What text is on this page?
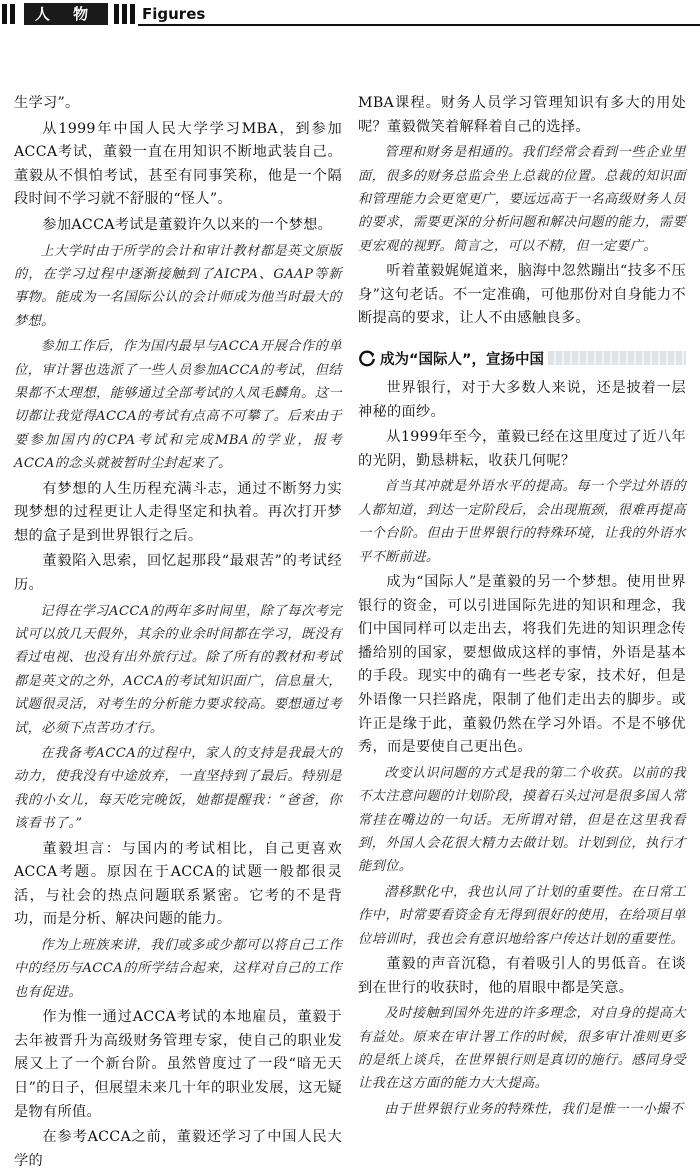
人 物	Figures

生学习”。

从1999年中国人民大学学习MBA，到参加ACCA考试，董毅一直在用知识不断地武装自己。董毅从不惧怕考试，甚至有同事笑称，他是一个隔段时间不学习就不舒服的“怪人”。

参加ACCA考试是董毅许久以来的一个梦想。

上大学时由于所学的会计和审计教材都是英文原版的，在学习过程中逐渐接触到了AICPA、GAAP等新事物。能成为一名国际公认的会计师成为他当时最大的梦想。

参加工作后，作为国内最早与ACCA开展合作的单位，审计署也选派了一些人员参加ACCA的考试，但结果都不太理想，能够通过全部考试的人凤毛麟角。这一切都让我觉得ACCA的考试有点高不可攀了。后来由于要参加国内的CPA考试和完成MBA的学业，报考ACCA的念头就被暂时尘封起来了。

有梦想的人生历程充满斗志，通过不断努力实现梦想的过程更让人走得坚定和执着。再次打开梦想的盒子是到世界银行之后。

董毅陷入思索，回忆起那段“最艰苦”的考试经历。

记得在学习ACCA的两年多时间里，除了每次考完试可以放几天假外，其余的业余时间都在学习，既没有看过电视、也没有出外旅行过。除了所有的教材和考试都是英文的之外，ACCA的考试知识面广，信息量大，试题很灵活，对考生的分析能力要求较高。要想通过考试，必须下点苦功才行。

在我备考ACCA的过程中，家人的支持是我最大的动力，使我没有中途放弃，一直坚持到了最后。特别是我的小女儿，每天吃完晚饭，她都提醒我：“爸爸，你该看书了。”

董毅坦言：与国内的考试相比，自己更喜欢ACCA考题。原因在于ACCA的试题一般都很灵活，与社会的热点问题联系紧密。它考的不是背功，而是分析、解决问题的能力。

作为上班族来讲，我们或多或少都可以将自己工作中的经历与ACCA的所学结合起来，这样对自己的工作也有促进。

作为惟一通过ACCA考试的本地雇员，董毅于去年被晋升为高级财务管理专家，使自己的职业发展又上了一个新台阶。虽然曾度过了一段“暗无天日”的日子，但展望未来几十年的职业发展，这无疑是物有所值。

在参考ACCA之前，董毅还学习了中国人民大学的

MBA课程。财务人员学习管理知识有多大的用处呢？董毅微笑着解释着自己的选择。

管理和财务是相通的。我们经常会看到一些企业里面，很多的财务总监会坐上总裁的位置。总裁的知识面和管理能力会更宽更广，要远远高于一名高级财务人员的要求，需要更深的分析问题和解决问题的能力，需要更宏观的视野。简言之，可以不精，但一定要广。

听着董毅娓娓道来，脑海中忽然蹦出“技多不压身”这句老话。不一定准确，可他那份对自身能力不断提高的要求，让人不由感触良多。

成为“国际人”，宣扬中国

世界银行，对于大多数人来说，还是披着一层神秘的面纱。

从1999年至今，董毅已经在这里度过了近八年的光阴，勤恳耕耘，收获几何呢？

首当其冲就是外语水平的提高。每一个学过外语的人都知道，到达一定阶段后，会出现瓶颈，很难再提高一个台阶。但由于世界银行的特殊环境，让我的外语水平不断前进。

成为“国际人”是董毅的另一个梦想。使用世界银行的资金，可以引进国际先进的知识和理念，我们中国同样可以走出去，将我们先进的知识理念传播给别的国家，要想做成这样的事情，外语是基本的手段。现实中的确有一些老专家，技术好，但是外语像一只拦路虎，限制了他们走出去的脚步。或许正是缘于此，董毅仍然在学习外语。不是不够优秀，而是要使自己更出色。

改变认识问题的方式是我的第二个收获。以前的我不太注意问题的计划阶段，摸着石头过河是很多国人常常挂在嘴边的一句话。无所谓对错，但是在这里我看到，外国人会花很大精力去做计划。计划到位，执行才能到位。

潜移默化中，我也认同了计划的重要性。在日常工作中，时常要看资金有无得到很好的使用，在给项目单位培训时，我也会有意识地给客户传达计划的重要性。

董毅的声音沉稳，有着吸引人的男低音。在谈到在世行的收获时，他的眉眼中都是笑意。

及时接触到国外先进的许多理念，对自身的提高大有益处。原来在审计署工作的时候，很多审计准则更多的是纸上谈兵，在世界银行则是真切的施行。感同身受让我在这方面的能力大大提高。

由于世界银行业务的特殊性，我们是惟一一小撮不
